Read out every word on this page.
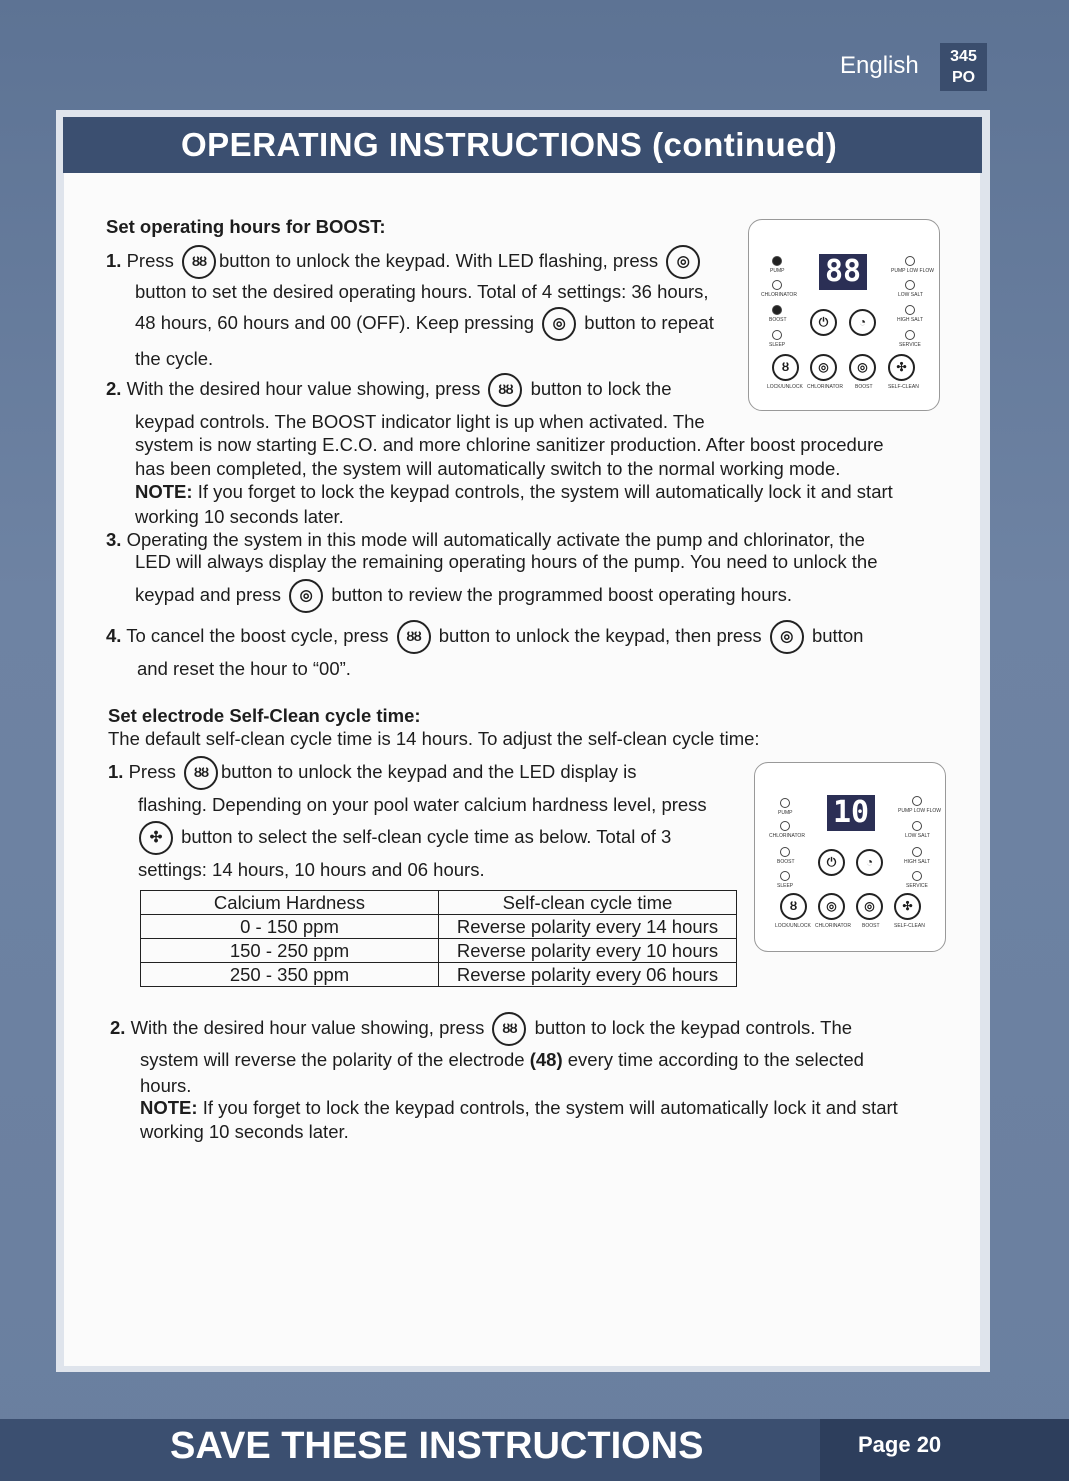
English	345
PO
OPERATING INSTRUCTIONS (continued)
Set operating hours for BOOST:
1. Press ȣȣ button to unlock the keypad. With LED flashing, press ◎
button to set the desired operating hours. Total of 4 settings: 36 hours,
48 hours, 60 hours and 00 (OFF). Keep pressing ◎ button to repeat
the cycle.
2. With the desired hour value showing, press ȣȣ button to lock the
keypad controls. The BOOST indicator light is up when activated. The
system is now starting E.C.O. and more chlorine sanitizer production. After boost procedure
has been completed, the system will automatically switch to the normal working mode.
NOTE: If you forget to lock the keypad controls, the system will automatically lock it and start
working 10 seconds later.
3. Operating the system in this mode will automatically activate the pump and chlorinator, the
LED will always display the remaining operating hours of the pump. You need to unlock the
keypad and press ◎ button to review the programmed boost operating hours.
4. To cancel the boost cycle, press ȣȣ button to unlock the keypad, then press ◎ button
and reset the hour to “00”.
88
PUMP
CHLORINATOR
BOOST
SLEEP
PUMP LOW FLOW
LOW SALT
HIGH SALT
SERVICE
⏻	◔
ȣ	◎	◎	✣
LOCK/UNLOCK CHLORINATOR BOOST	SELF-CLEAN
Set electrode Self-Clean cycle time:
The default self-clean cycle time is 14 hours. To adjust the self-clean cycle time:
1. Press ȣȣ button to unlock the keypad and the LED display is
flashing. Depending on your pool water calcium hardness level, press
✣ button to select the self-clean cycle time as below. Total of 3
settings: 14 hours, 10 hours and 06 hours.
Calcium Hardness	Self-clean cycle time
0 - 150 ppm	Reverse polarity every 14 hours
150 - 250 ppm	Reverse polarity every 10 hours
250 - 350 ppm	Reverse polarity every 06 hours
10
PUMP
CHLORINATOR
BOOST
SLEEP
PUMP LOW FLOW
LOW SALT
HIGH SALT
SERVICE
⏻	◔
ȣ	◎	◎	✣
LOCK/UNLOCK CHLORINATOR BOOST	SELF-CLEAN
2. With the desired hour value showing, press ȣȣ button to lock the keypad controls. The
system will reverse the polarity of the electrode (48) every time according to the selected
hours.
NOTE: If you forget to lock the keypad controls, the system will automatically lock it and start
working 10 seconds later.
SAVE THESE INSTRUCTIONS	Page 20
